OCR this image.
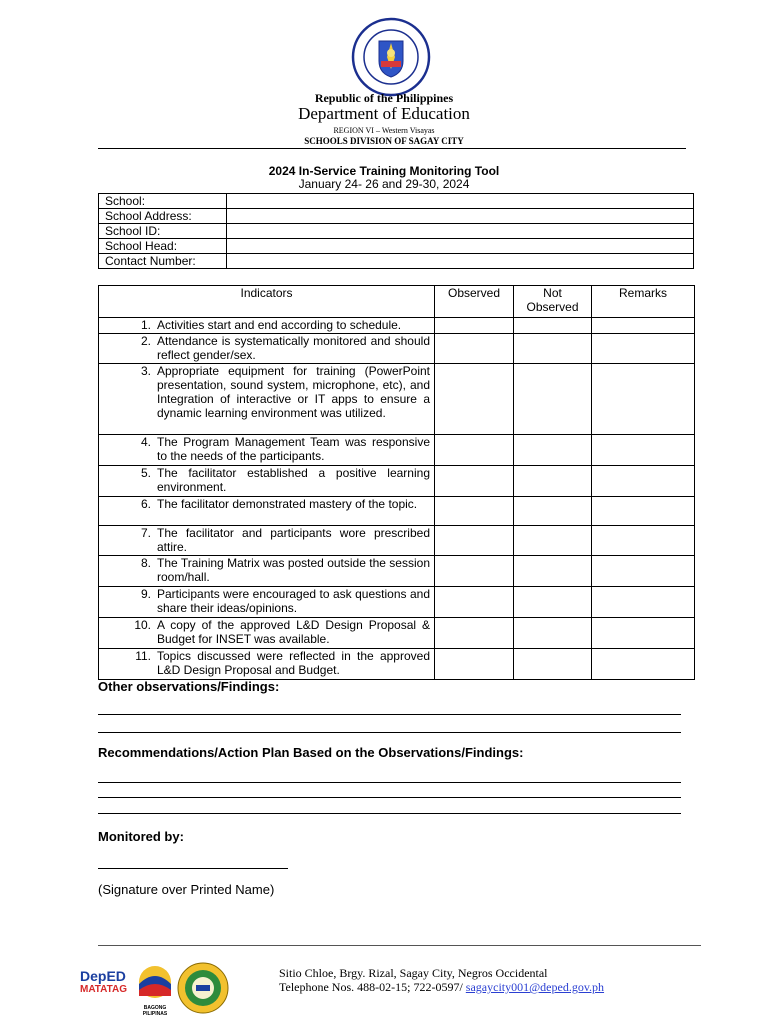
Republic of the Philippines
Department of Education
REGION VI – Western Visayas
SCHOOLS DIVISION OF SAGAY CITY
2024 In-Service Training Monitoring Tool
January 24- 26 and 29-30, 2024
School:	
School Address:	
School ID:	
School Head:	
Contact Number:	
Indicators	Observed	Not Observed	Remarks

1. Activities start and end according to schedule.			

2. Attendance is systematically monitored and should reflect gender/sex.			

3. Appropriate equipment for training (PowerPoint presentation, sound system, microphone, etc), and Integration of interactive or IT apps to ensure a dynamic learning environment was utilized.			

4. The Program Management Team was responsive to the needs of the participants.			

5. The facilitator established a positive learning environment.			

6. The facilitator demonstrated mastery of the topic.			

7. The facilitator and participants wore prescribed attire.			

8. The Training Matrix was posted outside the session room/hall.			

9. Participants were encouraged to ask questions and share their ideas/opinions.			

10. A copy of the approved L&D Design Proposal & Budget for INSET was available.			

11. Topics discussed were reflected in the approved L&D Design Proposal and Budget.			

Other observations/Findings:
Recommendations/Action Plan Based on the Observations/Findings:
Monitored by:
(Signature over Printed Name)
DepED
MATATAG
BAGONG PILIPINAS
Sitio Chloe, Brgy. Rizal, Sagay City, Negros Occidental
Telephone Nos. 488-02-15; 722-0597/ sagaycity001@deped.gov.ph
